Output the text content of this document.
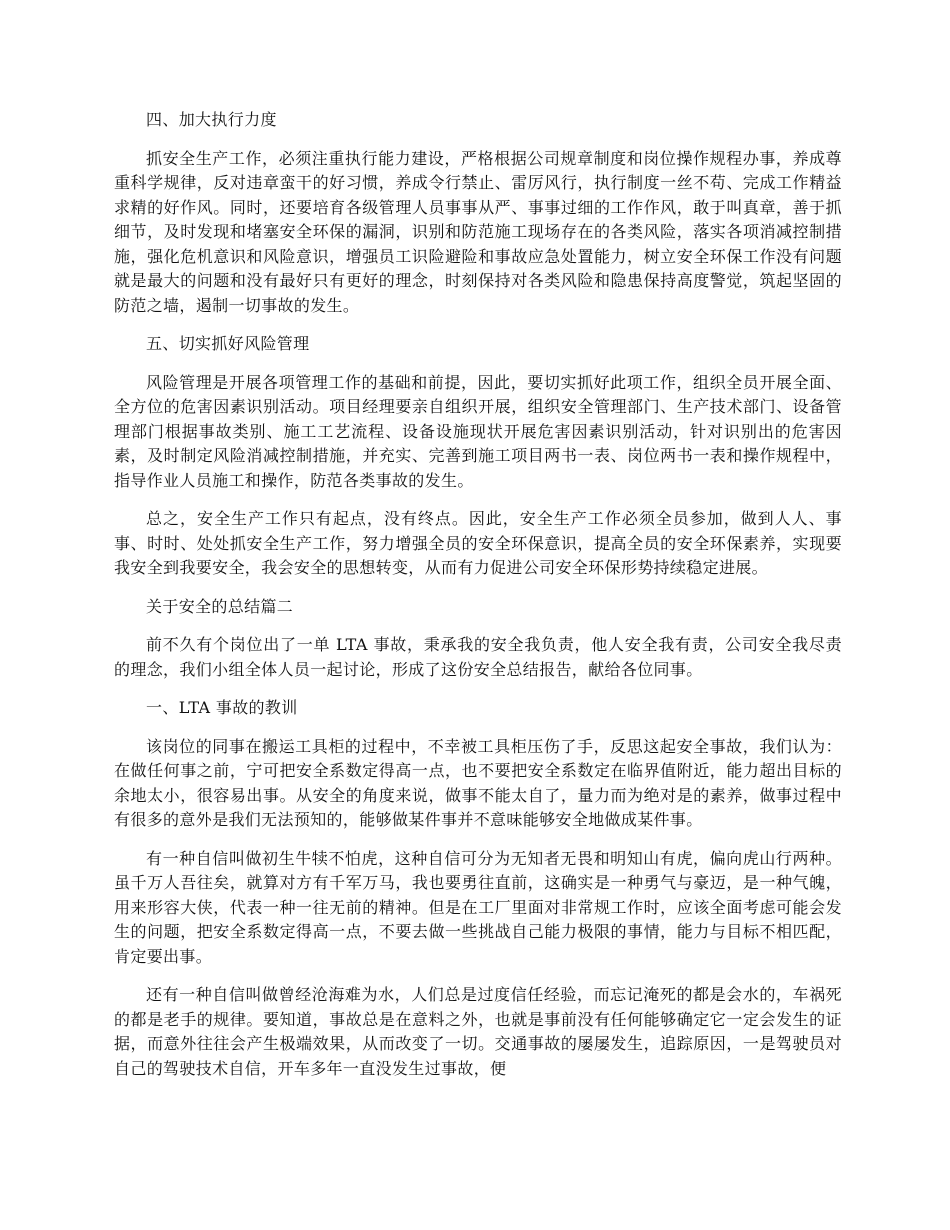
四、加大执行力度

抓安全生产工作，必须注重执行能力建设，严格根据公司规章制度和岗位操作规程办事，养成尊重科学规律，反对违章蛮干的好习惯，养成令行禁止、雷厉风行，执行制度一丝不苟、完成工作精益求精的好作风。同时，还要培育各级管理人员事事从严、事事过细的工作作风，敢于叫真章，善于抓细节，及时发现和堵塞安全环保的漏洞，识别和防范施工现场存在的各类风险，落实各项消减控制措施，强化危机意识和风险意识，增强员工识险避险和事故应急处置能力，树立安全环保工作没有问题就是最大的问题和没有最好只有更好的理念，时刻保持对各类风险和隐患保持高度警觉，筑起坚固的防范之墙，遏制一切事故的发生。

五、切实抓好风险管理

风险管理是开展各项管理工作的基础和前提，因此，要切实抓好此项工作，组织全员开展全面、全方位的危害因素识别活动。项目经理要亲自组织开展，组织安全管理部门、生产技术部门、设备管理部门根据事故类别、施工工艺流程、设备设施现状开展危害因素识别活动，针对识别出的危害因素，及时制定风险消减控制措施，并充实、完善到施工项目两书一表、岗位两书一表和操作规程中，指导作业人员施工和操作，防范各类事故的发生。

总之，安全生产工作只有起点，没有终点。因此，安全生产工作必须全员参加，做到人人、事事、时时、处处抓安全生产工作，努力增强全员的安全环保意识，提高全员的安全环保素养，实现要我安全到我要安全，我会安全的思想转变，从而有力促进公司安全环保形势持续稳定进展。

关于安全的总结篇二

前不久有个岗位出了一单 LTA 事故，秉承我的安全我负责，他人安全我有责，公司安全我尽责的理念，我们小组全体人员一起讨论，形成了这份安全总结报告，献给各位同事。

一、LTA 事故的教训

该岗位的同事在搬运工具柜的过程中，不幸被工具柜压伤了手，反思这起安全事故，我们认为：在做任何事之前，宁可把安全系数定得高一点，也不要把安全系数定在临界值附近，能力超出目标的余地太小，很容易出事。从安全的角度来说，做事不能太自了，量力而为绝对是的素养，做事过程中有很多的意外是我们无法预知的，能够做某件事并不意味能够安全地做成某件事。

有一种自信叫做初生牛犊不怕虎，这种自信可分为无知者无畏和明知山有虎，偏向虎山行两种。虽千万人吾往矣，就算对方有千军万马，我也要勇往直前，这确实是一种勇气与豪迈，是一种气魄，用来形容大侠，代表一种一往无前的精神。但是在工厂里面对非常规工作时，应该全面考虑可能会发生的问题，把安全系数定得高一点，不要去做一些挑战自己能力极限的事情，能力与目标不相匹配，肯定要出事。

还有一种自信叫做曾经沧海难为水，人们总是过度信任经验，而忘记淹死的都是会水的，车祸死的都是老手的规律。要知道，事故总是在意料之外，也就是事前没有任何能够确定它一定会发生的证据，而意外往往会产生极端效果，从而改变了一切。交通事故的屡屡发生，追踪原因，一是驾驶员对自己的驾驶技术自信，开车多年一直没发生过事故，便
